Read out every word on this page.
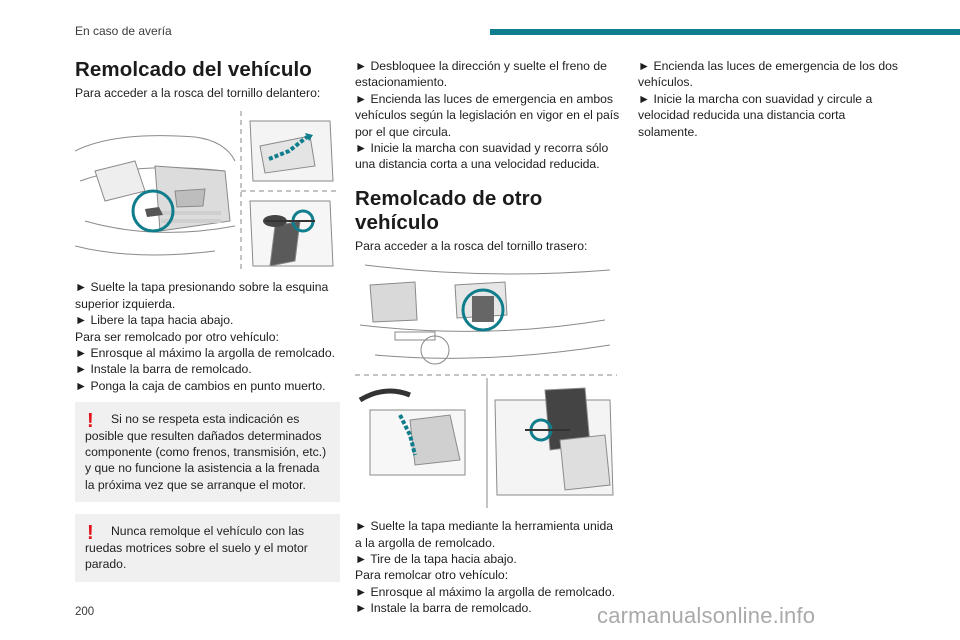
En caso de avería
Remolcado del vehículo

Para acceder a la rosca del tornillo delantero:

► Suelte la tapa presionando sobre la esquina superior izquierda.

► Libere la tapa hacia abajo.

Para ser remolcado por otro vehículo:

► Enrosque al máximo la argolla de remolcado.

► Instale la barra de remolcado.

► Ponga la caja de cambios en punto muerto.

!	Si no se respeta esta indicación es posible que resulten dañados determinados componente (como frenos, transmisión, etc.) y que no funcione la asistencia a la frenada la próxima vez que se arranque el motor.

!	Nunca remolque el vehículo con las ruedas motrices sobre el suelo y el motor parado.

► Desbloquee la dirección y suelte el freno de estacionamiento.

► Encienda las luces de emergencia en ambos vehículos según la legislación en vigor en el país por el que circula.

► Inicie la marcha con suavidad y recorra sólo una distancia corta a una velocidad reducida.

Remolcado de otro vehículo

Para acceder a la rosca del tornillo trasero:

► Suelte la tapa mediante la herramienta unida a la argolla de remolcado.

► Tire de la tapa hacia abajo.

Para remolcar otro vehículo:

► Enrosque al máximo la argolla de remolcado.

► Instale la barra de remolcado.

► Encienda las luces de emergencia de los dos vehículos.

► Inicie la marcha con suavidad y circule a velocidad reducida una distancia corta solamente.

200	carmanualsonline.info
